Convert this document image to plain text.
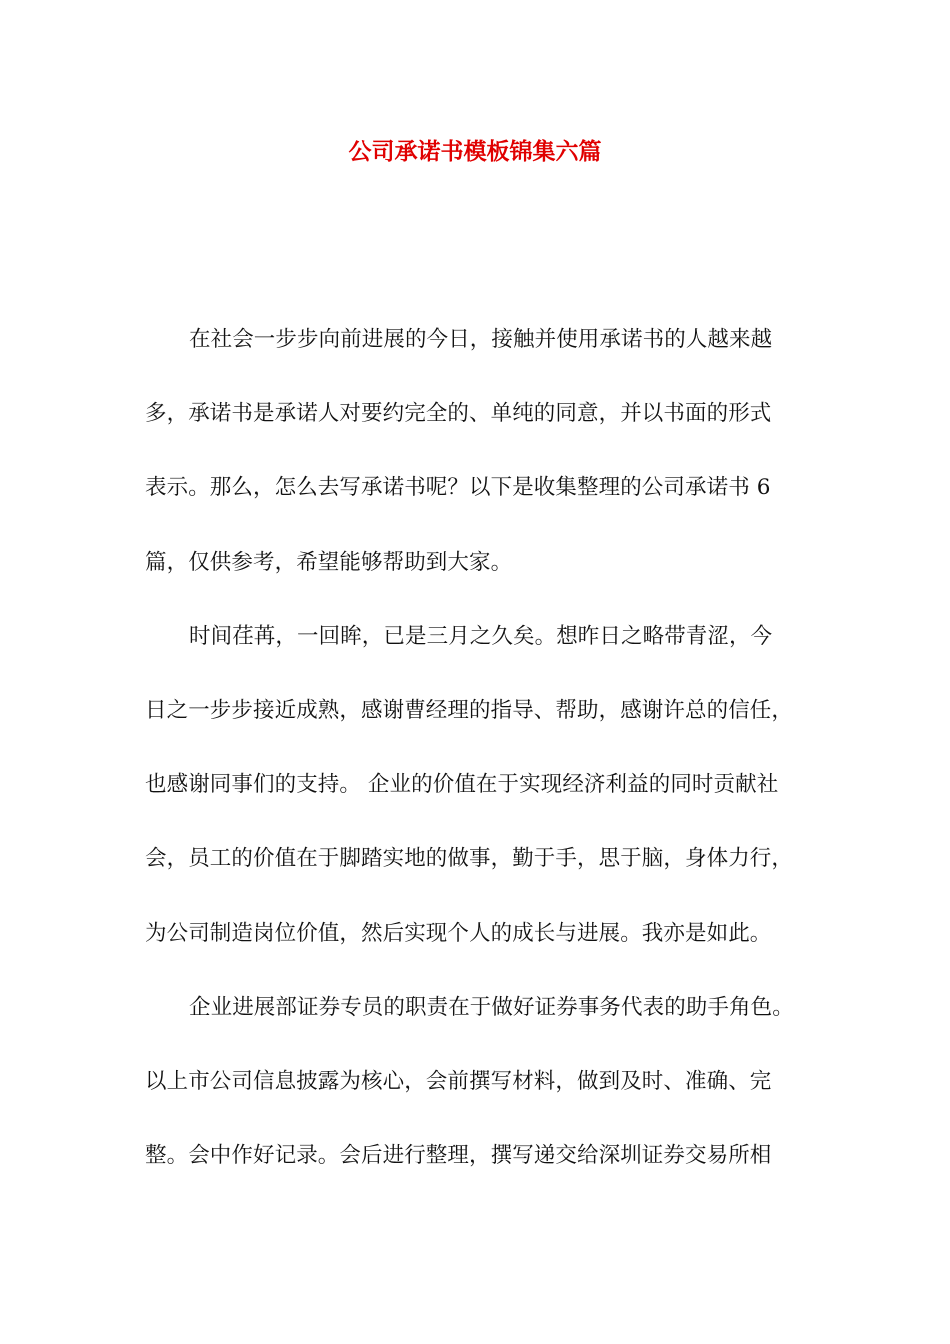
公司承诺书模板锦集六篇
在社会一步步向前进展的今日，接触并使用承诺书的人越来越
多，承诺书是承诺人对要约完全的、单纯的同意，并以书面的形式
表示。那么，怎么去写承诺书呢？以下是收集整理的公司承诺书 6
篇，仅供参考，希望能够帮助到大家。
时间荏苒，一回眸，已是三月之久矣。想昨日之略带青涩，今
日之一步步接近成熟，感谢曹经理的指导、帮助，感谢许总的信任，
也感谢同事们的支持。 企业的价值在于实现经济利益的同时贡献社
会，员工的价值在于脚踏实地的做事，勤于手，思于脑，身体力行，
为公司制造岗位价值，然后实现个人的成长与进展。我亦是如此。
企业进展部证券专员的职责在于做好证券事务代表的助手角色。
以上市公司信息披露为核心，会前撰写材料，做到及时、准确、完
整。会中作好记录。会后进行整理，撰写递交给深圳证券交易所相
